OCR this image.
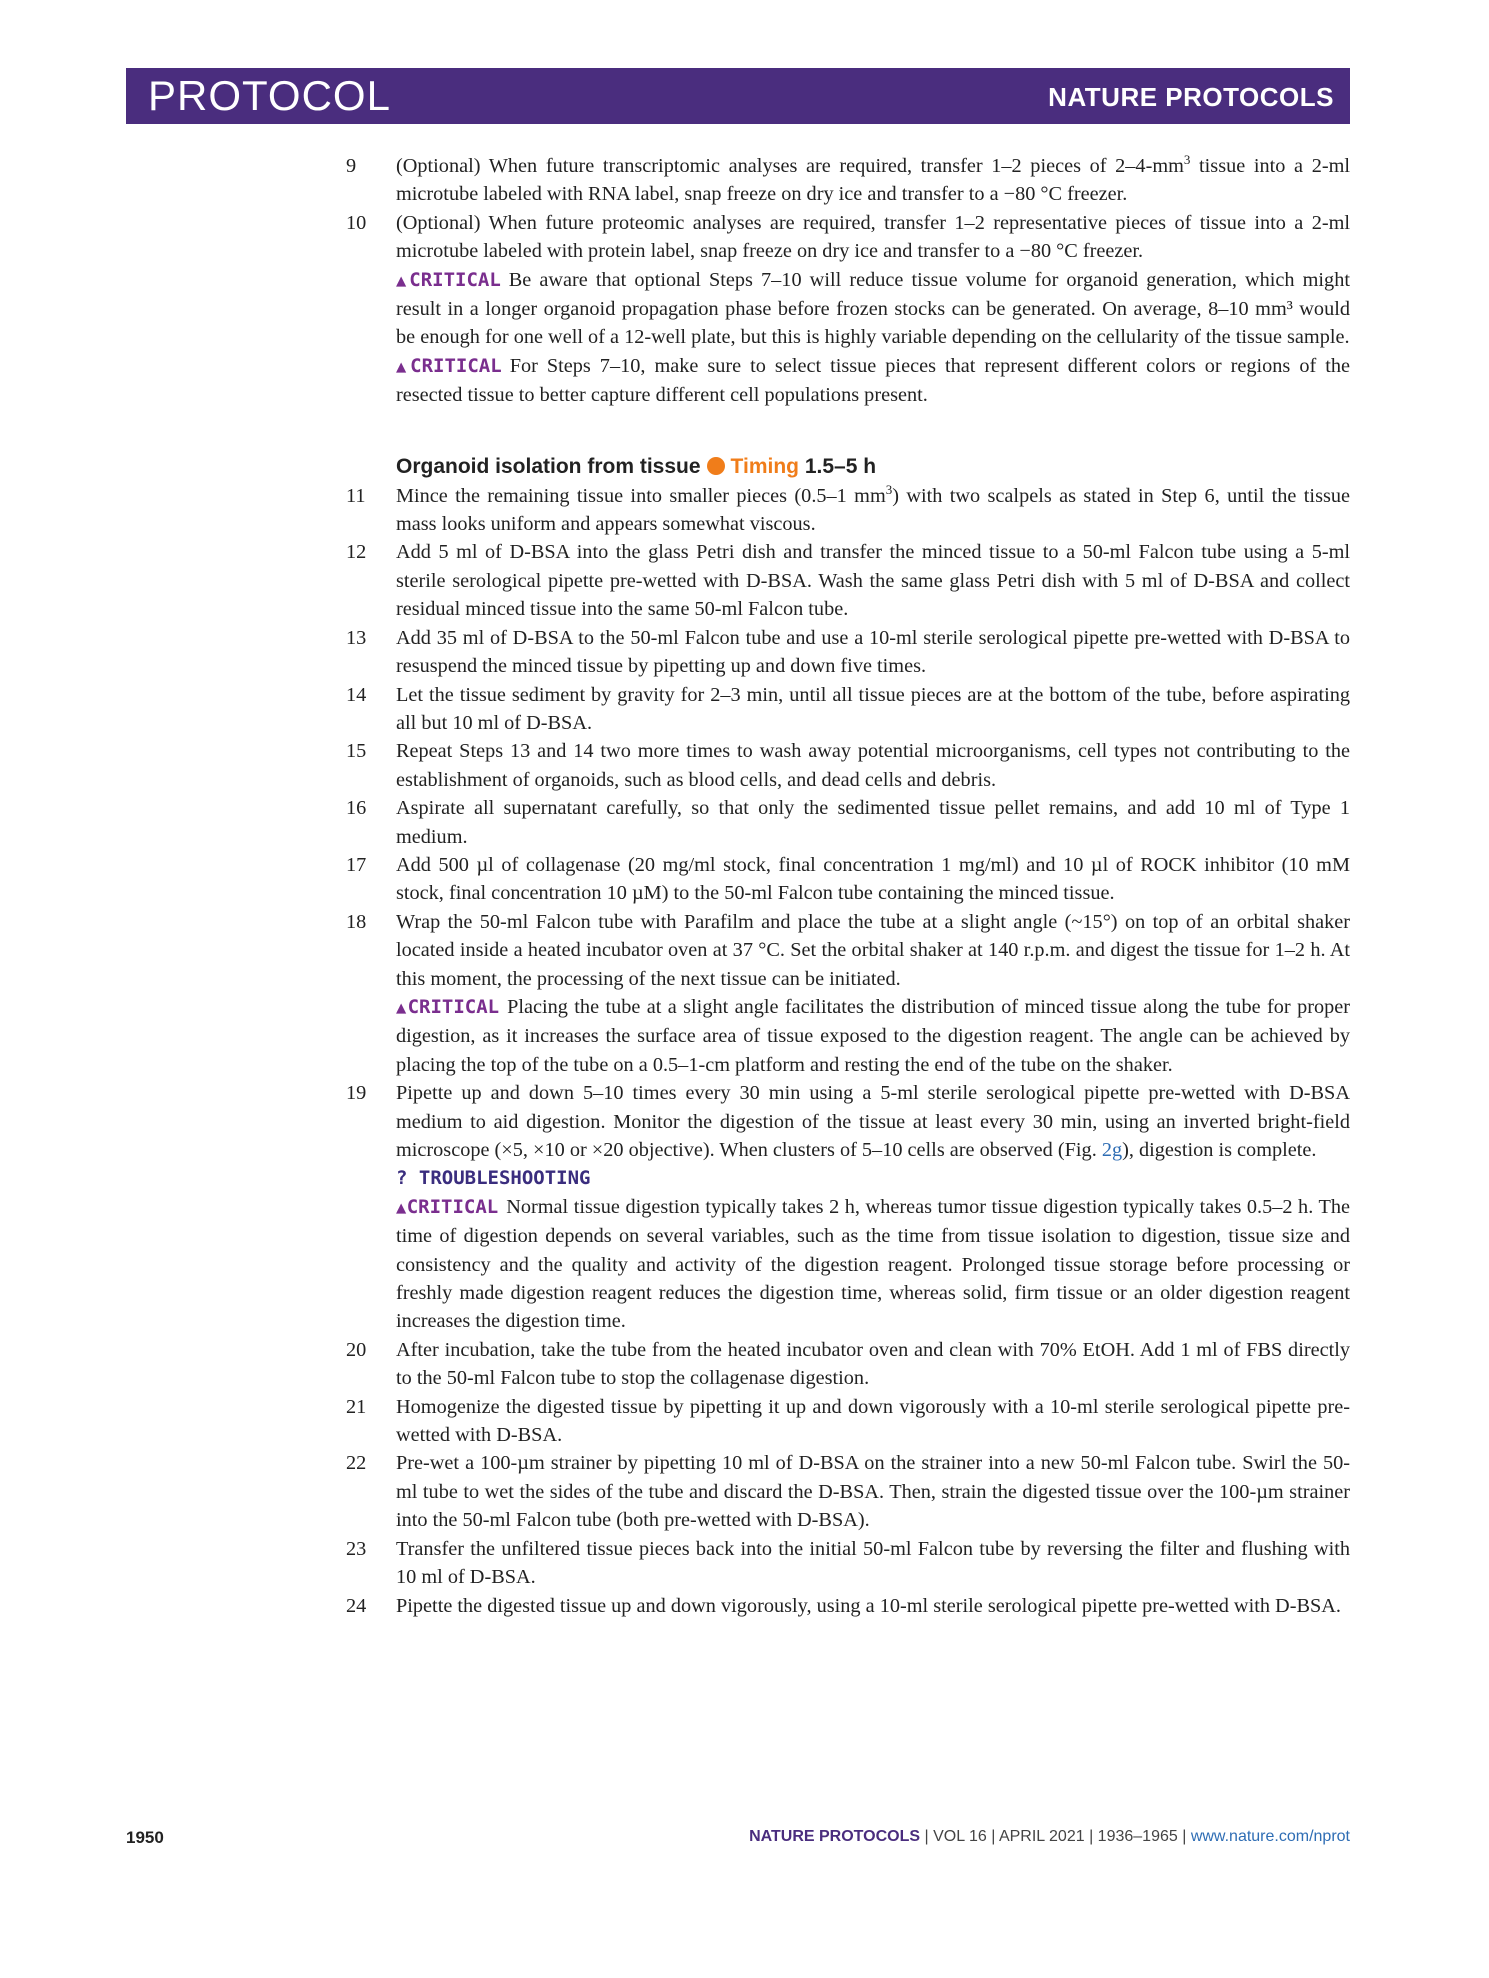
PROTOCOL	NATURE PROTOCOLS
9	(Optional) When future transcriptomic analyses are required, transfer 1–2 pieces of $2-4-mm^3$ tissue into a 2-ml microtube labeled with RNA label, snap freeze on dry ice and transfer to a −80 °C freezer.

10	(Optional) When future proteomic analyses are required, transfer 1–2 representative pieces of tissue into a 2-ml microtube labeled with protein label, snap freeze on dry ice and transfer to a −80 °C freezer.

▲CRITICAL Be aware that optional Steps 7–10 will reduce tissue volume for organoid generation, which might result in a longer organoid propagation phase before frozen stocks can be generated. On average, 8–10 mm³ would be enough for one well of a 12-well plate, but this is highly variable depending on the cellularity of the tissue sample.

▲CRITICAL For Steps 7–10, make sure to select tissue pieces that represent different colors or regions of the resected tissue to better capture different cell populations present.

Organoid isolation from tissue Timing 1.5–5 h
11	Mince the remaining tissue into smaller pieces (0.5–1 $mm^3$) with two scalpels as stated in Step 6, until the tissue mass looks uniform and appears somewhat viscous.

12	Add 5 ml of D-BSA into the glass Petri dish and transfer the minced tissue to a 50-ml Falcon tube using a 5-ml sterile serological pipette pre-wetted with D-BSA. Wash the same glass Petri dish with 5 ml of D-BSA and collect residual minced tissue into the same 50-ml Falcon tube.

13	Add 35 ml of D-BSA to the 50-ml Falcon tube and use a 10-ml sterile serological pipette pre-wetted with D-BSA to resuspend the minced tissue by pipetting up and down five times.

14	Let the tissue sediment by gravity for 2–3 min, until all tissue pieces are at the bottom of the tube, before aspirating all but 10 ml of D-BSA.

15	Repeat Steps 13 and 14 two more times to wash away potential microorganisms, cell types not contributing to the establishment of organoids, such as blood cells, and dead cells and debris.

16	Aspirate all supernatant carefully, so that only the sedimented tissue pellet remains, and add 10 ml of Type 1 medium.

17	Add 500 µl of collagenase (20 mg/ml stock, final concentration 1 mg/ml) and 10 µl of ROCK inhibitor (10 mM stock, final concentration 10 µM) to the 50-ml Falcon tube containing the minced tissue.

18	Wrap the 50-ml Falcon tube with Parafilm and place the tube at a slight angle (~15°) on top of an orbital shaker located inside a heated incubator oven at 37 °C. Set the orbital shaker at 140 r.p.m. and digest the tissue for 1–2 h. At this moment, the processing of the next tissue can be initiated.

▲CRITICAL Placing the tube at a slight angle facilitates the distribution of minced tissue along the tube for proper digestion, as it increases the surface area of tissue exposed to the digestion reagent. The angle can be achieved by placing the top of the tube on a 0.5–1-cm platform and resting the end of the tube on the shaker.

19	Pipette up and down 5–10 times every 30 min using a 5-ml sterile serological pipette pre-wetted with D-BSA medium to aid digestion. Monitor the digestion of the tissue at least every 30 min, using an inverted bright-field microscope (×5, ×10 or ×20 objective). When clusters of 5–10 cells are observed (Fig. 2g), digestion is complete.

? TROUBLESHOOTING

▲CRITICAL Normal tissue digestion typically takes 2 h, whereas tumor tissue digestion typically takes 0.5–2 h. The time of digestion depends on several variables, such as the time from tissue isolation to digestion, tissue size and consistency and the quality and activity of the digestion reagent. Prolonged tissue storage before processing or freshly made digestion reagent reduces the digestion time, whereas solid, firm tissue or an older digestion reagent increases the digestion time.

20	After incubation, take the tube from the heated incubator oven and clean with 70% EtOH. Add 1 ml of FBS directly to the 50-ml Falcon tube to stop the collagenase digestion.

21	Homogenize the digested tissue by pipetting it up and down vigorously with a 10-ml sterile serological pipette pre-wetted with D-BSA.

22	Pre-wet a 100-µm strainer by pipetting 10 ml of D-BSA on the strainer into a new 50-ml Falcon tube. Swirl the 50-ml tube to wet the sides of the tube and discard the D-BSA. Then, strain the digested tissue over the 100-µm strainer into the 50-ml Falcon tube (both pre-wetted with D-BSA).

23	Transfer the unfiltered tissue pieces back into the initial 50-ml Falcon tube by reversing the filter and flushing with 10 ml of D-BSA.

24	Pipette the digested tissue up and down vigorously, using a 10-ml sterile serological pipette pre-wetted with D-BSA.

1950	NATURE PROTOCOLS | VOL 16 | APRIL 2021 | 1936–1965 | www.nature.com/nprot
